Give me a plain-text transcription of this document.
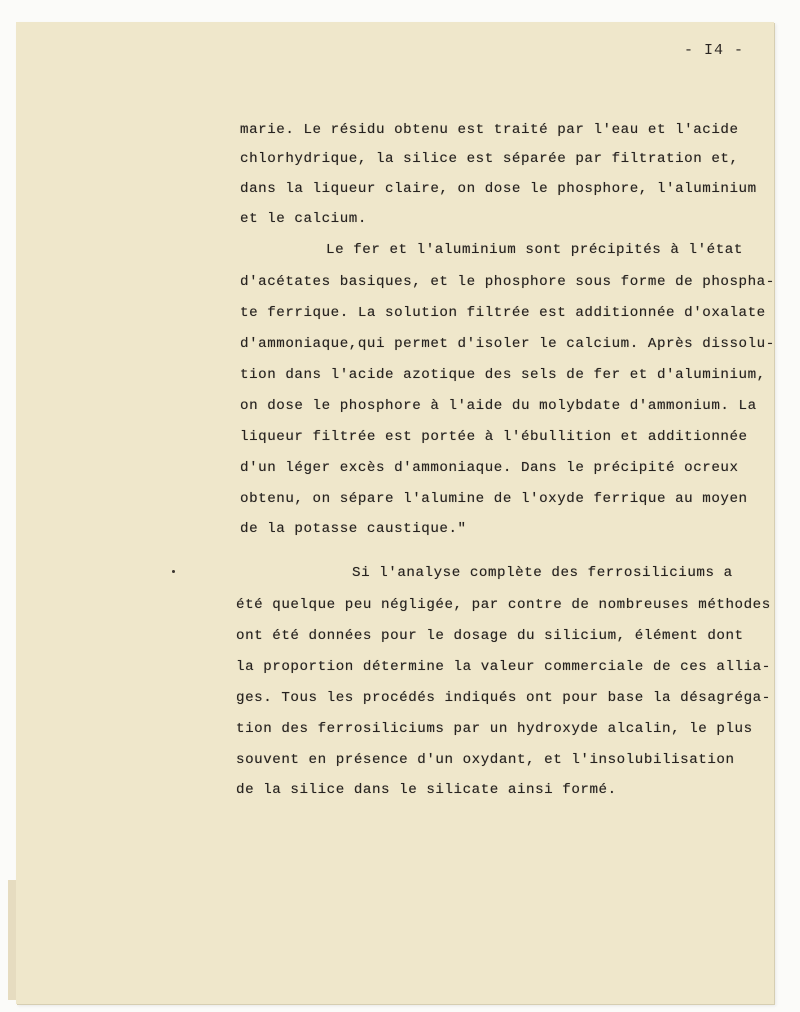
- I4 -

marie. Le résidu obtenu est traité par l'eau et l'acide

chlorhydrique, la silice est séparée par filtration et,

dans la liqueur claire, on dose le phosphore, l'aluminium

et le calcium.

Le fer et l'aluminium sont précipités à l'état

d'acétates basiques, et le phosphore sous forme de phospha-

te ferrique. La solution filtrée est additionnée d'oxalate

d'ammoniaque,qui permet d'isoler le calcium. Après dissolu-

tion dans l'acide azotique des sels de fer et d'aluminium,

on dose le phosphore à l'aide du molybdate d'ammonium. La

liqueur filtrée est portée à l'ébullition et additionnée

d'un léger excès d'ammoniaque. Dans le précipité ocreux

obtenu, on sépare l'alumine de l'oxyde ferrique au moyen

de la potasse caustique."

Si l'analyse complète des ferrosiliciums a

été quelque peu négligée, par contre de nombreuses méthodes

ont été données pour le dosage du silicium, élément dont

la proportion détermine la valeur commerciale de ces allia-

ges. Tous les procédés indiqués ont pour base la désagréga-

tion des ferrosiliciums par un hydroxyde alcalin, le plus

souvent en présence d'un oxydant, et l'insolubilisation

de la silice dans le silicate ainsi formé.
